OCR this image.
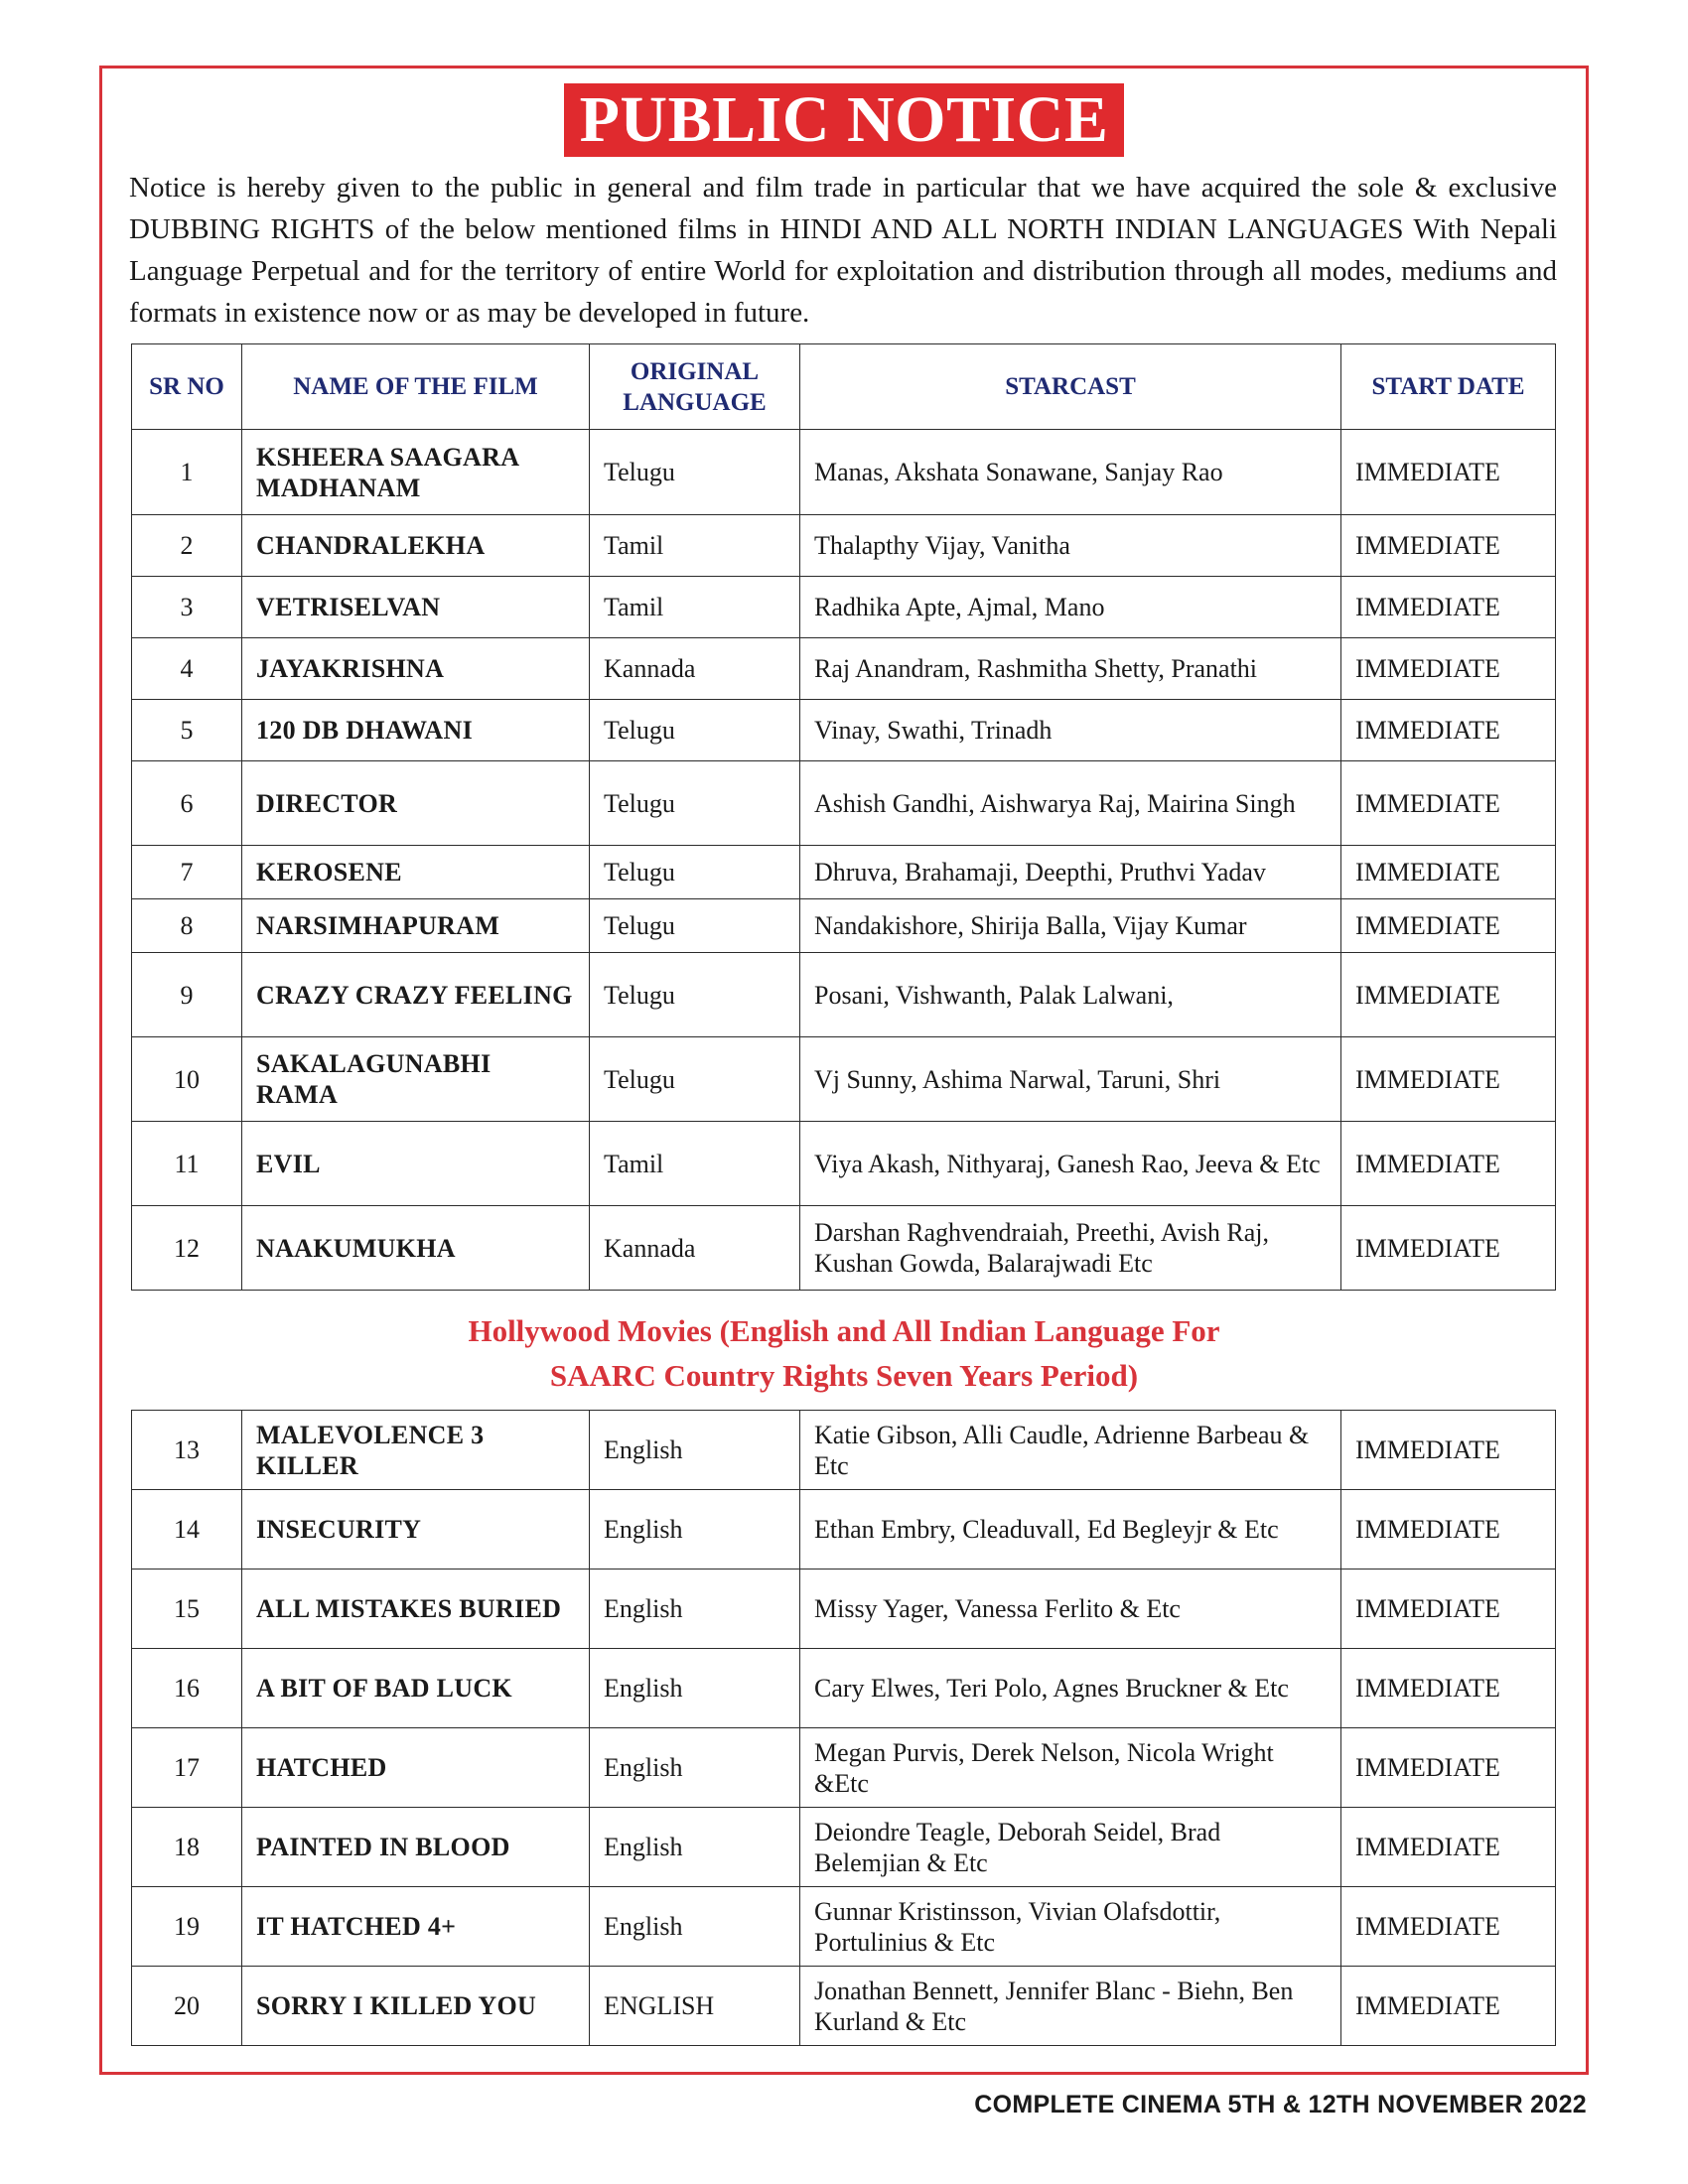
PUBLIC NOTICE

Notice is hereby given to the public in general and film trade in particular that we have acquired the sole & exclusive DUBBING RIGHTS of the below mentioned films in HINDI AND ALL NORTH INDIAN LANGUAGES With Nepali Language Perpetual and for the territory of entire World for exploitation and distribution through all modes, mediums and formats in existence now or as may be developed in future.

SR NO	NAME OF THE FILM	ORIGINAL LANGUAGE	STARCAST	START DATE
1	KSHEERA SAAGARA MADHANAM	Telugu	Manas, Akshata Sonawane, Sanjay Rao	IMMEDIATE
2	CHANDRALEKHA	Tamil	Thalapthy Vijay, Vanitha	IMMEDIATE
3	VETRISELVAN	Tamil	Radhika Apte, Ajmal, Mano	IMMEDIATE
4	JAYAKRISHNA	Kannada	Raj Anandram, Rashmitha Shetty, Pranathi	IMMEDIATE
5	120 DB DHAWANI	Telugu	Vinay, Swathi, Trinadh	IMMEDIATE
6	DIRECTOR	Telugu	Ashish Gandhi, Aishwarya Raj, Mairina Singh	IMMEDIATE
7	KEROSENE	Telugu	Dhruva, Brahamaji, Deepthi, Pruthvi Yadav	IMMEDIATE
8	NARSIMHAPURAM	Telugu	Nandakishore, Shirija Balla, Vijay Kumar	IMMEDIATE
9	CRAZY CRAZY FEELING	Telugu	Posani, Vishwanth, Palak Lalwani,	IMMEDIATE
10	SAKALAGUNABHI RAMA	Telugu	Vj Sunny, Ashima Narwal, Taruni, Shri	IMMEDIATE
11	EVIL	Tamil	Viya Akash, Nithyaraj, Ganesh Rao, Jeeva & Etc	IMMEDIATE
12	NAAKUMUKHA	Kannada	Darshan Raghvendraiah, Preethi, Avish Raj, Kushan Gowda, Balarajwadi Etc	IMMEDIATE
Hollywood Movies (English and All Indian Language For
SAARC Country Rights Seven Years Period)
13	MALEVOLENCE 3 KILLER	English	Katie Gibson, Alli Caudle, Adrienne Barbeau & Etc	IMMEDIATE
14	INSECURITY	English	Ethan Embry, Cleaduvall, Ed Begleyjr & Etc	IMMEDIATE
15	ALL MISTAKES BURIED	English	Missy Yager, Vanessa Ferlito & Etc	IMMEDIATE
16	A BIT OF BAD LUCK	English	Cary Elwes, Teri Polo, Agnes Bruckner & Etc	IMMEDIATE
17	HATCHED	English	Megan Purvis, Derek Nelson, Nicola Wright &Etc	IMMEDIATE
18	PAINTED IN BLOOD	English	Deiondre Teagle, Deborah Seidel, Brad Belemjian & Etc	IMMEDIATE
19	IT HATCHED 4+	English	Gunnar Kristinsson, Vivian Olafsdottir, Portulinius & Etc	IMMEDIATE
20	SORRY I KILLED YOU	ENGLISH	Jonathan Bennett, Jennifer Blanc - Biehn, Ben Kurland & Etc	IMMEDIATE
COMPLETE CINEMA 5TH & 12TH NOVEMBER 2022
